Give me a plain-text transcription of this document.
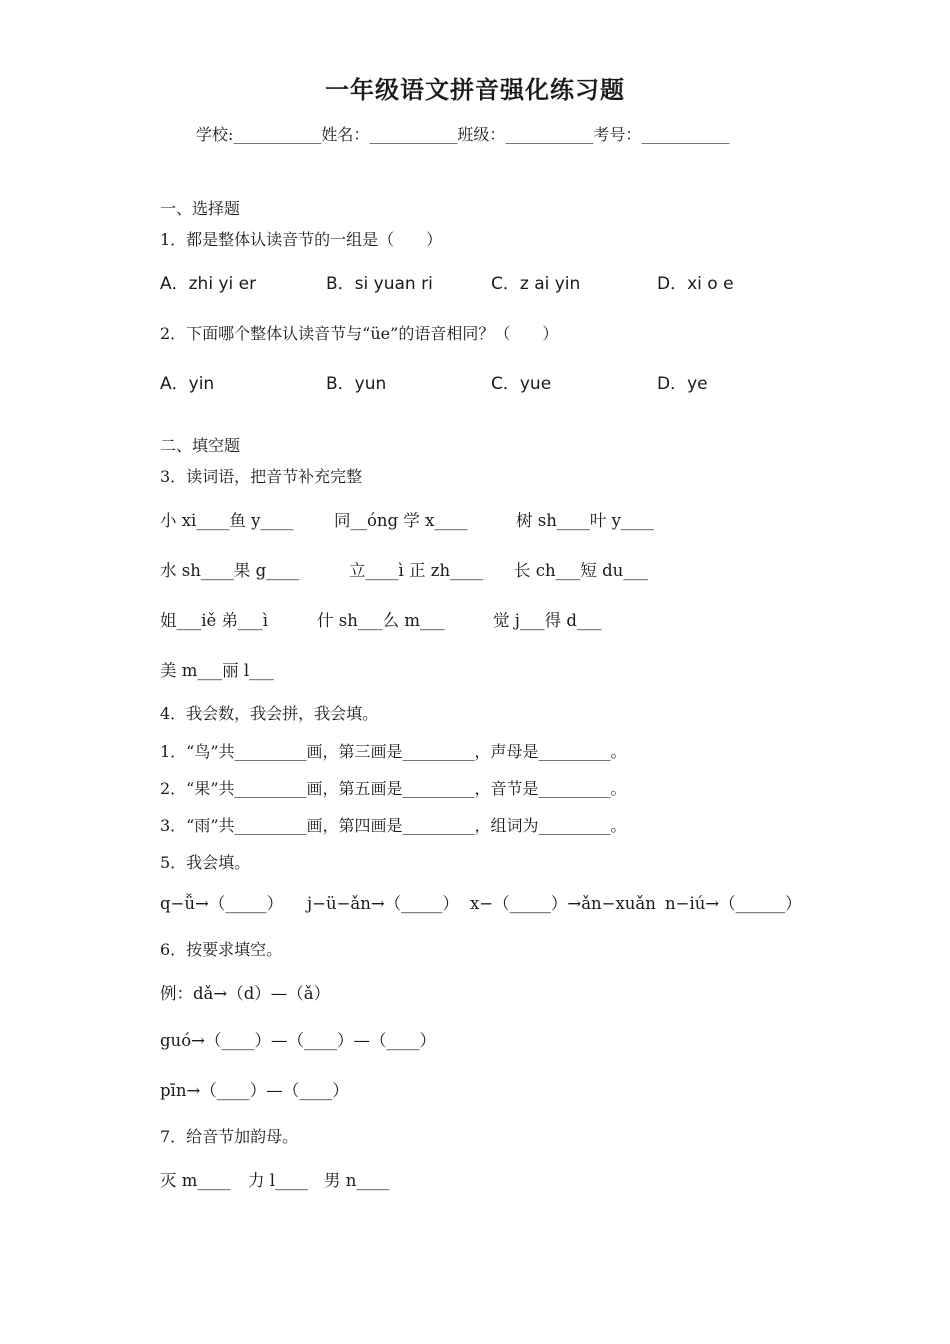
一年级语文拼音强化练习题
学校:___________姓名：___________班级：___________考号：___________
一、选择题
1．都是整体认读音节的一组是（　　）
A．zhi yi er	B．si yuan ri	C．z ai yin	D．xi o e
2．下面哪个整体认读音节与“üe”的语音相同？（　　）
A．yin	B．yun	C．yue	D．ye
二、填空题
3．读词语，把音节补充完整
小 xi____鱼 y____ 同__óng 学 x____	树 sh____叶 y____
水 sh____果 g____	立____ì 正 zh____ 长 ch___短 du___
姐___iě 弟___ì	什 sh___么 m___	觉 j___得 d___
美 m___丽 l___
4．我会数，我会拼，我会填。
1．“鸟”共_________画，第三画是_________，声母是_________。
2．“果”共_________画，第五画是_________，音节是_________。
3．“雨”共_________画，第四画是_________，组词为_________。
5．我会填。
q−ǚ→（_____） j−ü−ǎn→（_____） x−（_____）→ǎn−xuǎn n−iú→（______）
6．按要求填空。
例：dǎ→（d）—（ǎ）
guó→（____）—（____）—（____）
pīn→（____）—（____）
7．给音节加韵母。
灭 m____ 力 l____ 男 n____
